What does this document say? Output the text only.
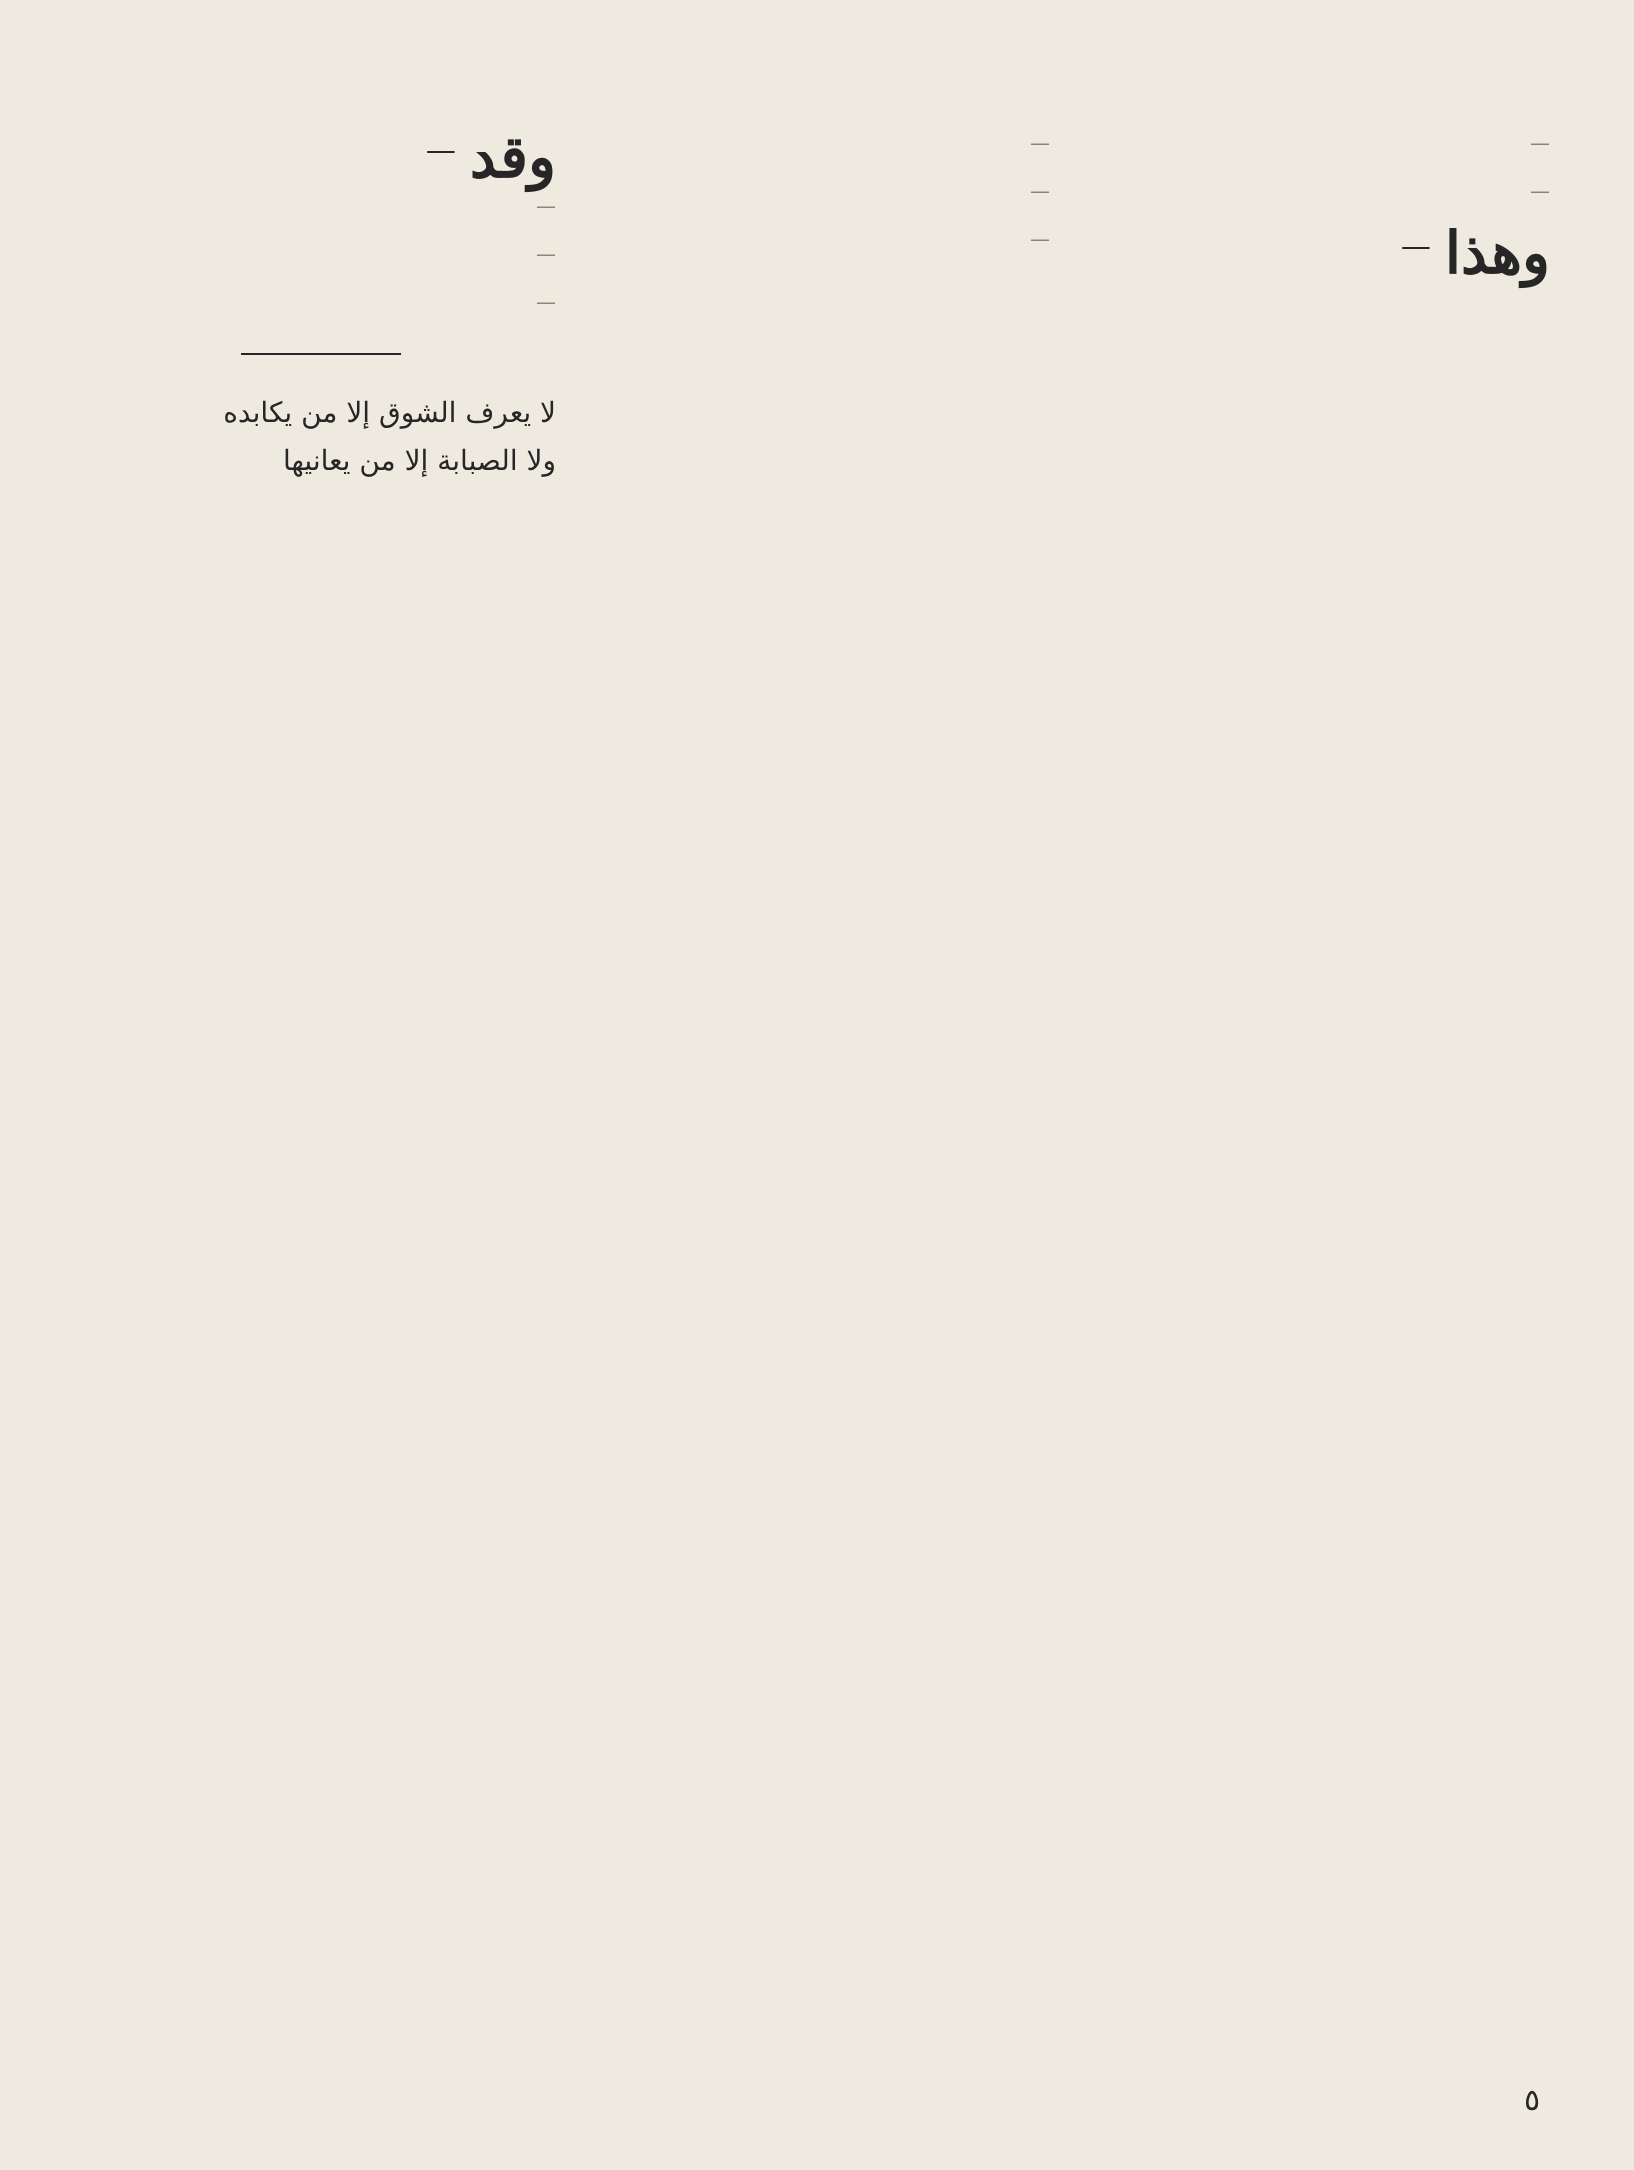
—

—

وهذا
—

—

—

—

وقد
—

—

—

—

لا يعرف الشوق إلا من يكابده

ولا الصبابة إلا من يعانيها

٥
